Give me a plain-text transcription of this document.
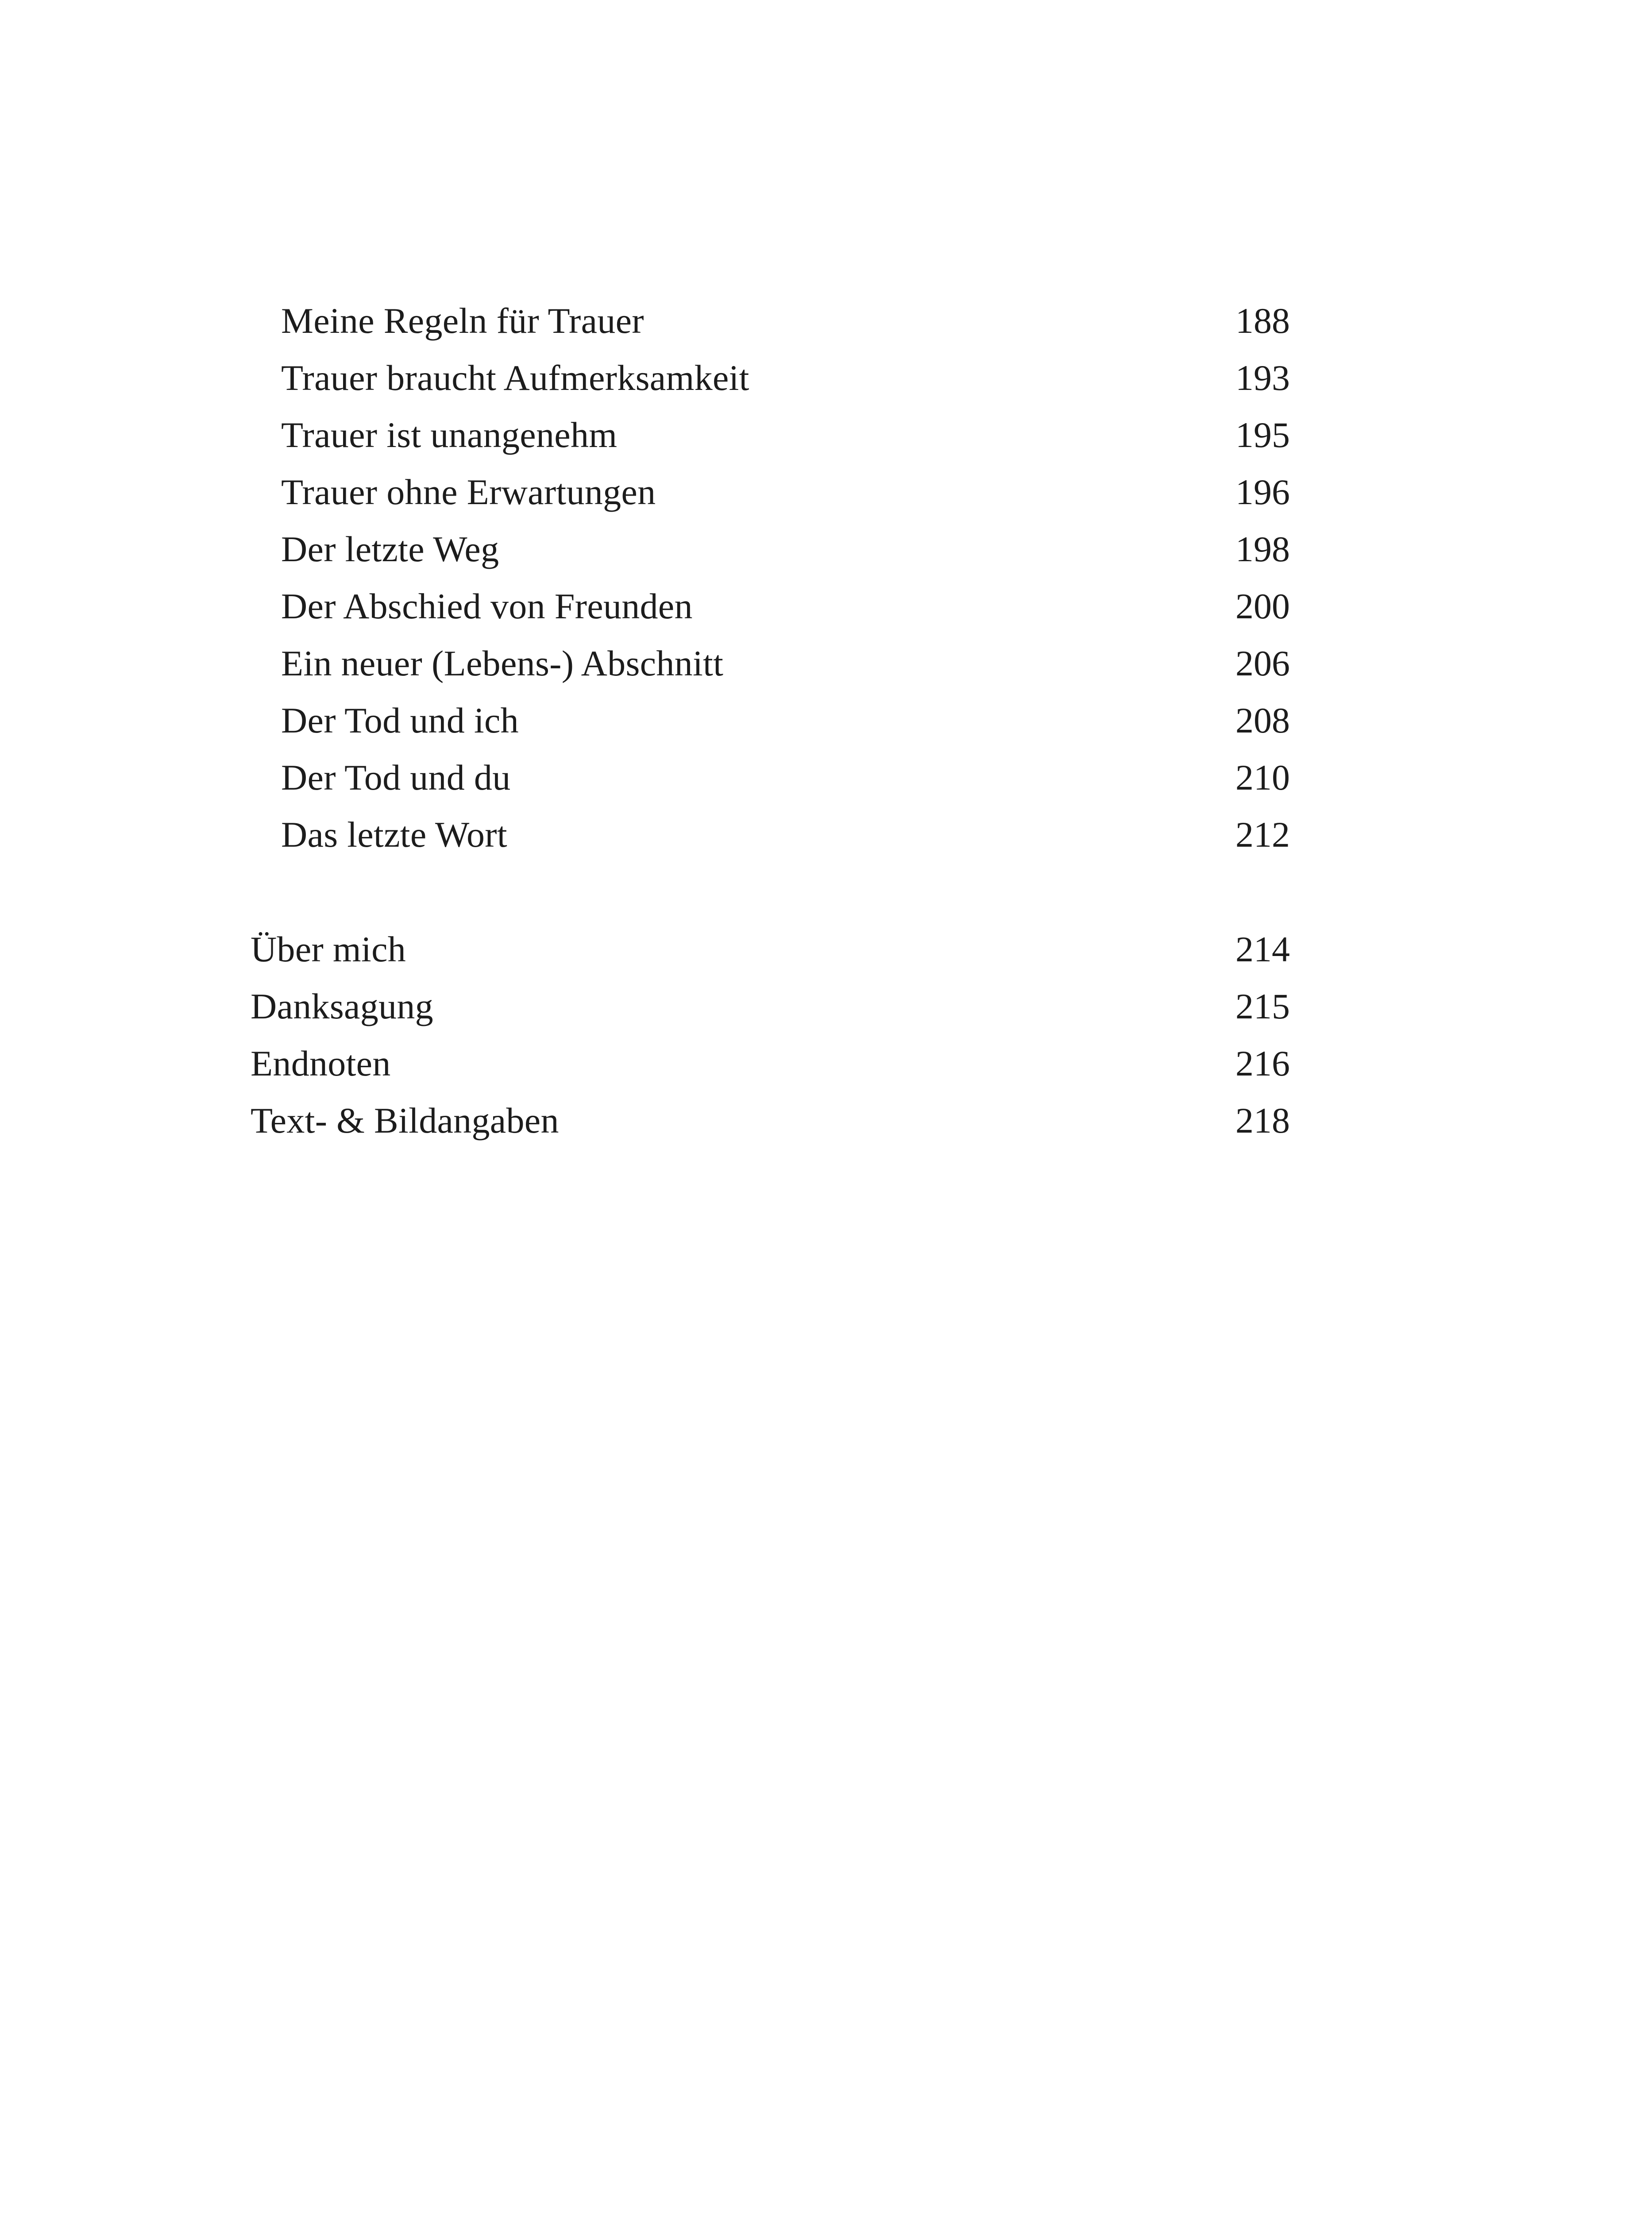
Meine Regeln für Trauer	188
Trauer braucht Aufmerksamkeit	193
Trauer ist unangenehm	195
Trauer ohne Erwartungen	196
Der letzte Weg	198
Der Abschied von Freunden	200
Ein neuer (Lebens-) Abschnitt	206
Der Tod und ich	208
Der Tod und du	210
Das letzte Wort	212
Über mich	214
Danksagung	215
Endnoten	216
Text- & Bildangaben	218
